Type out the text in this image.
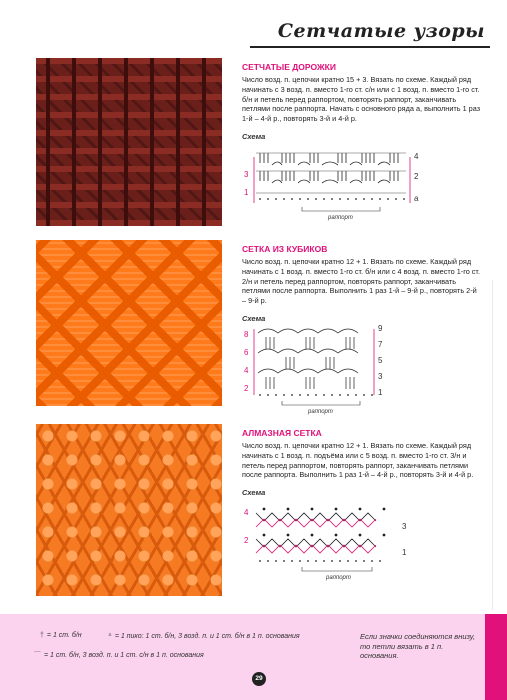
Сетчатые узоры
СЕТЧАТЫЕ ДОРОЖКИ
Число возд. п. цепочки кратно 15 + 3. Вязать по схеме. Каждый ряд начинать с 3 возд. п. вместо 1-го ст. с/н или с 1 возд. п. вместо 1-го ст. б/н и петель перед раппортом, повторять раппорт, заканчивать петлями после раппорта. Начать с основного ряда а, выполнить 1 раз 1-й – 4-й р., повторять 3-й и 4-й р.
Схема
3
1
4
2
а
раппорт
СЕТКА ИЗ КУБИКОВ
Число возд. п. цепочки кратно 12 + 1. Вязать по схеме. Каждый ряд начинать с 1 возд. п. вместо 1-го ст. б/н или с 4 возд. п. вместо 1-го ст. 2/н и петель перед раппортом, повторять раппорт, заканчивать петлями после раппорта. Выполнить 1 раз 1-й – 9-й р., повторять 2-й – 9-й р.
Схема
8
6
4
2
9
7
5
3
1
раппорт
АЛМАЗНАЯ СЕТКА
Число возд. п. цепочки кратно 12 + 1. Вязать по схеме. Каждый ряд начинать с 1 возд. п. подъёма или с 5 возд. п. вместо 1-го ст. 3/н и петель перед раппортом, повторять раппорт, заканчивать петлями после раппорта. Выполнить 1 раз 1-й – 4-й р., повторять 3-й и 4-й р.
Схема
4
2
3
1
раппорт
† = 1 ст. б/н	ᐞ = 1 пико: 1 ст. б/н, 3 возд. п. и 1 ст. б/н в 1 п. основания
⌒ = 1 ст. б/н, 3 возд. п. и 1 ст. с/н в 1 п. основания
Если значки соединяются внизу, то петли вязать в 1 п. основания.
29
